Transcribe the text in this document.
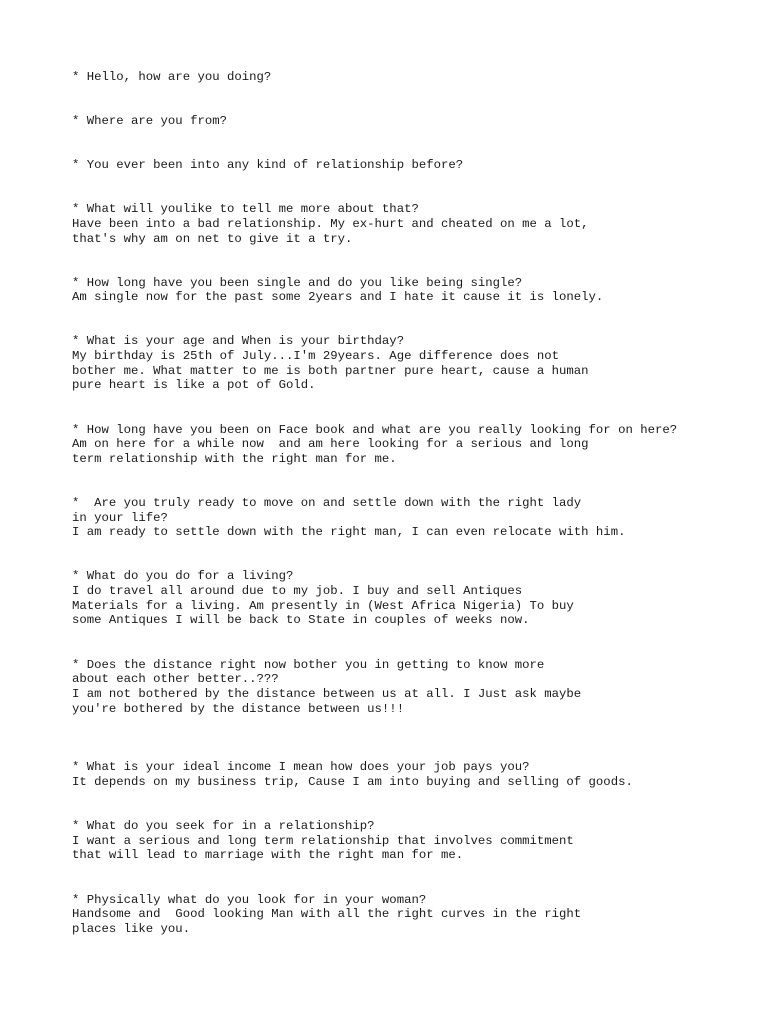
* Hello, how are you doing?
* Where are you from?
* You ever been into any kind of relationship before?
* What will youlike to tell me more about that?
Have been into a bad relationship. My ex-hurt and cheated on me a lot,
that's why am on net to give it a try.
* How long have you been single and do you like being single?
Am single now for the past some 2years and I hate it cause it is lonely.
* What is your age and When is your birthday?
My birthday is 25th of July...I'm 29years. Age difference does not
bother me. What matter to me is both partner pure heart, cause a human
pure heart is like a pot of Gold.
* How long have you been on Face book and what are you really looking for on here?
Am on here for a while now  and am here looking for a serious and long
term relationship with the right man for me.
*  Are you truly ready to move on and settle down with the right lady
in your life?
I am ready to settle down with the right man, I can even relocate with him.
* What do you do for a living?
I do travel all around due to my job. I buy and sell Antiques
Materials for a living. Am presently in (West Africa Nigeria) To buy
some Antiques I will be back to State in couples of weeks now.
* Does the distance right now bother you in getting to know more
about each other better..???
I am not bothered by the distance between us at all. I Just ask maybe
you're bothered by the distance between us!!!
* What is your ideal income I mean how does your job pays you?
It depends on my business trip, Cause I am into buying and selling of goods.
* What do you seek for in a relationship?
I want a serious and long term relationship that involves commitment
that will lead to marriage with the right man for me.
* Physically what do you look for in your woman?
Handsome and  Good looking Man with all the right curves in the right
places like you.
